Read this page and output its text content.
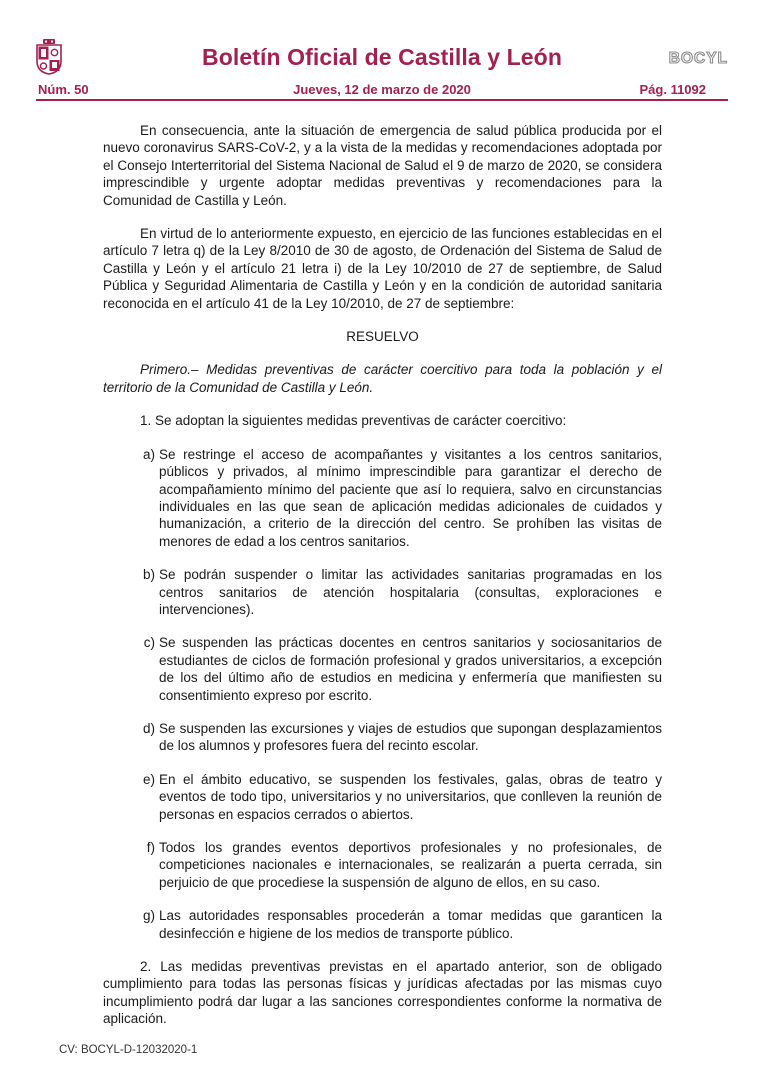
Boletín Oficial de Castilla y León	BOCYL
Núm. 50	Jueves, 12 de marzo de 2020	Pág. 11092

En consecuencia, ante la situación de emergencia de salud pública producida por el nuevo coronavirus SARS-CoV-2, y a la vista de la medidas y recomendaciones adoptada por el Consejo Interterritorial del Sistema Nacional de Salud el 9 de marzo de 2020, se considera imprescindible y urgente adoptar medidas preventivas y recomendaciones para la Comunidad de Castilla y León.

En virtud de lo anteriormente expuesto, en ejercicio de las funciones establecidas en el artículo 7 letra q) de la Ley 8/2010 de 30 de agosto, de Ordenación del Sistema de Salud de Castilla y León y el artículo 21 letra i) de la Ley 10/2010 de 27 de septiembre, de Salud Pública y Seguridad Alimentaria de Castilla y León y en la condición de autoridad sanitaria reconocida en el artículo 41 de la Ley 10/2010, de 27 de septiembre:

RESUELVO

Primero.– Medidas preventivas de carácter coercitivo para toda la población y el territorio de la Comunidad de Castilla y León.

1. Se adoptan la siguientes medidas preventivas de carácter coercitivo:

a) Se restringe el acceso de acompañantes y visitantes a los centros sanitarios, públicos y privados, al mínimo imprescindible para garantizar el derecho de acompañamiento mínimo del paciente que así lo requiera, salvo en circunstancias individuales en las que sean de aplicación medidas adicionales de cuidados y humanización, a criterio de la dirección del centro. Se prohíben las visitas de menores de edad a los centros sanitarios.
b) Se podrán suspender o limitar las actividades sanitarias programadas en los centros sanitarios de atención hospitalaria (consultas, exploraciones e intervenciones).
c) Se suspenden las prácticas docentes en centros sanitarios y sociosanitarios de estudiantes de ciclos de formación profesional y grados universitarios, a excepción de los del último año de estudios en medicina y enfermería que manifiesten su consentimiento expreso por escrito.
d) Se suspenden las excursiones y viajes de estudios que supongan desplazamientos de los alumnos y profesores fuera del recinto escolar.
e) En el ámbito educativo, se suspenden los festivales, galas, obras de teatro y eventos de todo tipo, universitarios y no universitarios, que conlleven la reunión de personas en espacios cerrados o abiertos.
f) Todos los grandes eventos deportivos profesionales y no profesionales, de competiciones nacionales e internacionales, se realizarán a puerta cerrada, sin perjuicio de que procediese la suspensión de alguno de ellos, en su caso.
g) Las autoridades responsables procederán a tomar medidas que garanticen la desinfección e higiene de los medios de transporte público.

2. Las medidas preventivas previstas en el apartado anterior, son de obligado cumplimiento para todas las personas físicas y jurídicas afectadas por las mismas cuyo incumplimiento podrá dar lugar a las sanciones correspondientes conforme la normativa de aplicación.

CV: BOCYL-D-12032020-1
